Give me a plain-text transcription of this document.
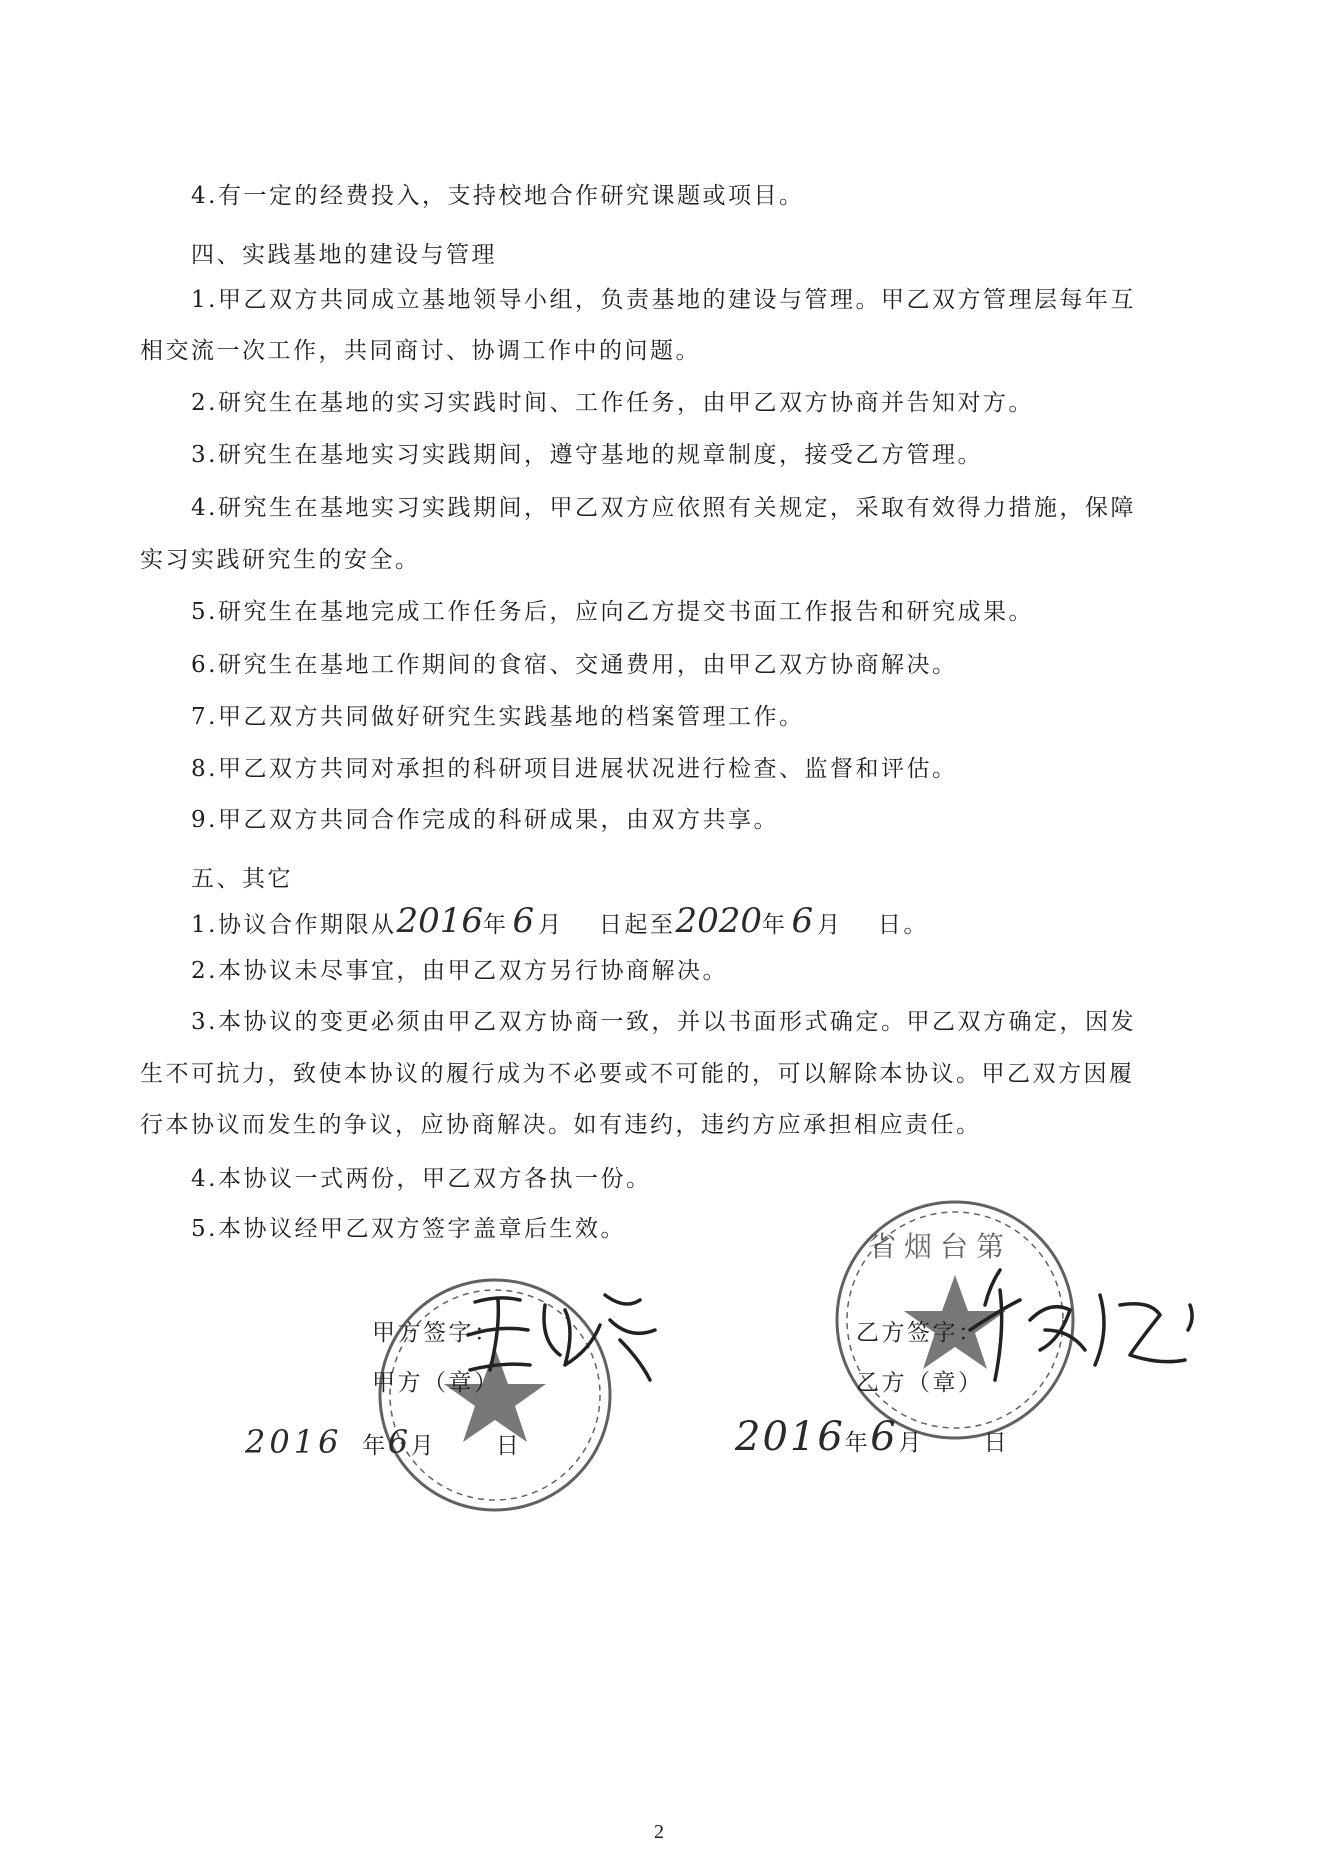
4.有一定的经费投入，支持校地合作研究课题或项目。
四、实践基地的建设与管理
1.甲乙双方共同成立基地领导小组，负责基地的建设与管理。甲乙双方管理层每年互
相交流一次工作，共同商讨、协调工作中的问题。
2.研究生在基地的实习实践时间、工作任务，由甲乙双方协商并告知对方。
3.研究生在基地实习实践期间，遵守基地的规章制度，接受乙方管理。
4.研究生在基地实习实践期间，甲乙双方应依照有关规定，采取有效得力措施，保障
实习实践研究生的安全。
5.研究生在基地完成工作任务后，应向乙方提交书面工作报告和研究成果。
6.研究生在基地工作期间的食宿、交通费用，由甲乙双方协商解决。
7.甲乙双方共同做好研究生实践基地的档案管理工作。
8.甲乙双方共同对承担的科研项目进展状况进行检查、监督和评估。
9.甲乙双方共同合作完成的科研成果，由双方共享。
五、其它
1.协议合作期限从2016年 6 月　 日起至2020年 6 月　 日。
2.本协议未尽事宜，由甲乙双方另行协商解决。
3.本协议的变更必须由甲乙双方协商一致，并以书面形式确定。甲乙双方确定，因发
生不可抗力，致使本协议的履行成为不必要或不可能的，可以解除本协议。甲乙双方因履
行本协议而发生的争议，应协商解决。如有违约，违约方应承担相应责任。
4.本协议一式两份，甲乙双方各执一份。
5.本协议经甲乙双方签字盖章后生效。
省烟台第
甲方签字：
甲方（章）
2016 年6月	日
乙方签字：
乙方（章）
2016年6月	日
2
